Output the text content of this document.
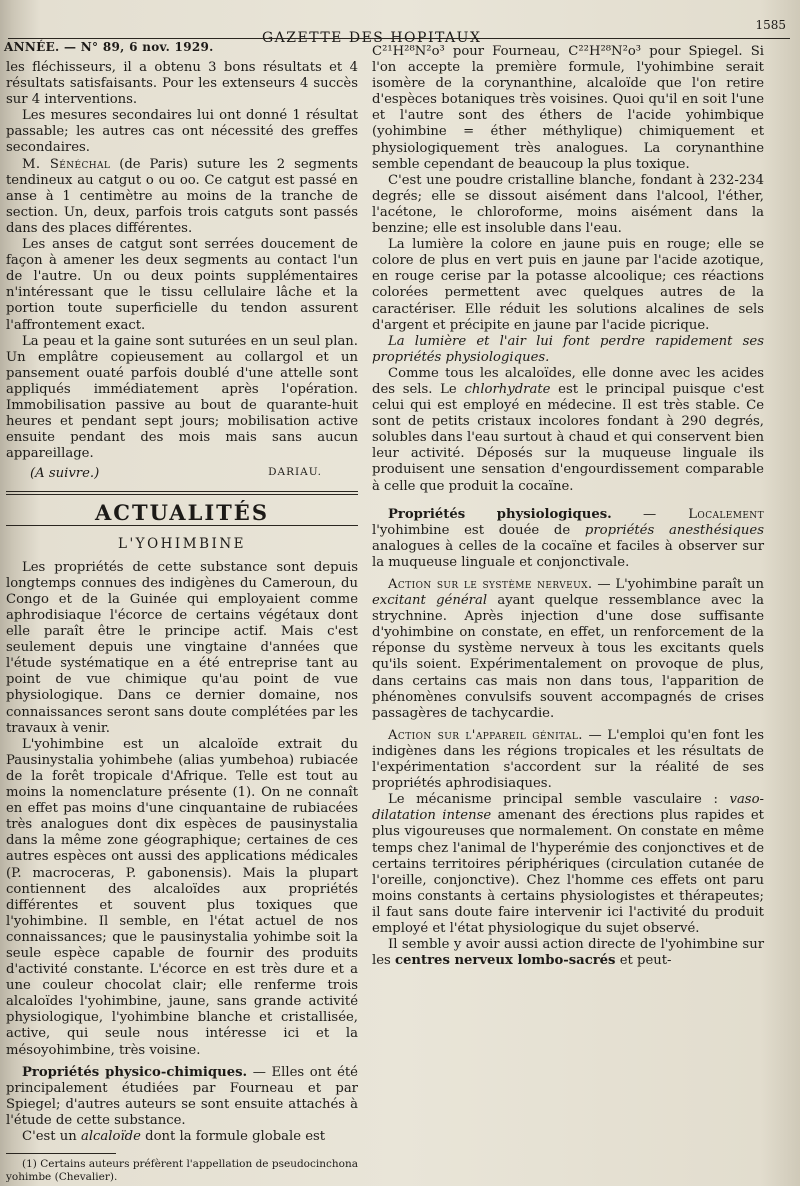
ANNÉE. — N° 89, 6 nov. 1929.
GAZETTE DES HOPITAUX
1585

les fléchisseurs, il a obtenu 3 bons résultats et 4 résultats satisfaisants. Pour les extenseurs 4 succès sur 4 interventions.

Les mesures secondaires lui ont donné 1 résultat passable; les autres cas ont nécessité des greffes secondaires.

M. Sénéchal (de Paris) suture les 2 segments tendineux au catgut o ou oo. Ce catgut est passé en anse à 1 centimètre au moins de la tranche de section. Un, deux, parfois trois catguts sont passés dans des places différentes.

Les anses de catgut sont serrées doucement de façon à amener les deux segments au contact l'un de l'autre. Un ou deux points supplémentaires n'intéressant que le tissu cellulaire lâche et la portion toute superficielle du tendon assurent l'affrontement exact.

La peau et la gaine sont suturées en un seul plan. Un emplâtre copieusement au collargol et un pansement ouaté parfois doublé d'une attelle sont appliqués immédiatement après l'opération. Immobilisation passive au bout de quarante-huit heures et pendant sept jours; mobilisation active ensuite pendant des mois mais sans aucun appareillage.

DARIAU.
(A suivre.)
ACTUALITÉS
L'YOHIMBINE

Les propriétés de cette substance sont depuis longtemps connues des indigènes du Cameroun, du Congo et de la Guinée qui employaient comme aphrodisiaque l'écorce de certains végétaux dont elle paraît être le principe actif. Mais c'est seulement depuis une vingtaine d'années que l'étude systématique en a été entreprise tant au point de vue chimique qu'au point de vue physiologique. Dans ce dernier domaine, nos connaissances seront sans doute complétées par les travaux à venir.

L'yohimbine est un alcaloïde extrait du Pausinystalia yohimbehe (alias yumbehoa) rubiacée de la forêt tropicale d'Afrique. Telle est tout au moins la nomenclature présente (1). On ne connaît en effet pas moins d'une cinquantaine de rubiacées très analogues dont dix espèces de pausinystalia dans la même zone géographique; certaines de ces autres espèces ont aussi des applications médicales (P. macroceras, P. gabonensis). Mais la plupart contiennent des alcaloïdes aux propriétés différentes et souvent plus toxiques que l'yohimbine. Il semble, en l'état actuel de nos connaissances; que le pausinystalia yohimbe soit la seule espèce capable de fournir des produits d'activité constante. L'écorce en est très dure et a une couleur chocolat clair; elle renferme trois alcaloïdes l'yohimbine, jaune, sans grande activité physiologique, l'yohimbine blanche et cristallisée, active, qui seule nous intéresse ici et la mésoyohimbine, très voisine.

Propriétés physico-chimiques. — Elles ont été principalement étudiées par Fourneau et par Spiegel; d'autres auteurs se sont ensuite attachés à l'étude de cette substance.

C'est un alcaloïde dont la formule globale est

(1) Certains auteurs préfèrent l'appellation de pseudocinchona yohimbe (Chevalier).

C²¹H²⁸N²o³ pour Fourneau, C²²H²⁸N²o³ pour Spiegel. Si l'on accepte la première formule, l'yohimbine serait isomère de la corynanthine, alcaloïde que l'on retire d'espèces botaniques très voisines. Quoi qu'il en soit l'une et l'autre sont des éthers de l'acide yohimbique (yohimbine = éther méthylique) chimiquement et physiologiquement très analogues. La corynanthine semble cependant de beaucoup la plus toxique.

C'est une poudre cristalline blanche, fondant à 232-234 degrés; elle se dissout aisément dans l'alcool, l'éther, l'acétone, le chloroforme, moins aisément dans la benzine; elle est insoluble dans l'eau.

La lumière la colore en jaune puis en rouge; elle se colore de plus en vert puis en jaune par l'acide azotique, en rouge cerise par la potasse alcoolique; ces réactions colorées permettent avec quelques autres de la caractériser. Elle réduit les solutions alcalines de sels d'argent et précipite en jaune par l'acide picrique.

La lumière et l'air lui font perdre rapidement ses propriétés physiologiques.

Comme tous les alcaloïdes, elle donne avec les acides des sels. Le chlorhydrate est le principal puisque c'est celui qui est employé en médecine. Il est très stable. Ce sont de petits cristaux incolores fondant à 290 degrés, solubles dans l'eau surtout à chaud et qui conservent bien leur activité. Déposés sur la muqueuse linguale ils produisent une sensation d'engourdissement comparable à celle que produit la cocaïne.

Propriétés physiologiques. — Localement l'yohimbine est douée de propriétés anesthésiques analogues à celles de la cocaïne et faciles à observer sur la muqueuse linguale et conjonctivale.

Action sur le système nerveux. — L'yohimbine paraît un excitant général ayant quelque ressemblance avec la strychnine. Après injection d'une dose suffisante d'yohimbine on constate, en effet, un renforcement de la réponse du système nerveux à tous les excitants quels qu'ils soient. Expérimentalement on provoque de plus, dans certains cas mais non dans tous, l'apparition de phénomènes convulsifs souvent accompagnés de crises passagères de tachycardie.

Action sur l'appareil génital. — L'emploi qu'en font les indigènes dans les régions tropicales et les résultats de l'expérimentation s'accordent sur la réalité de ses propriétés aphrodisiaques.

Le mécanisme principal semble vasculaire : vaso-dilatation intense amenant des érections plus rapides et plus vigoureuses que normalement. On constate en même temps chez l'animal de l'hyperémie des conjonctives et de certains territoires périphériques (circulation cutanée de l'oreille, conjonctive). Chez l'homme ces effets ont paru moins constants à certains physiologistes et thérapeutes; il faut sans doute faire intervenir ici l'activité du produit employé et l'état physiologique du sujet observé.

Il semble y avoir aussi action directe de l'yohimbine sur les centres nerveux lombo-sacrés et peut-
